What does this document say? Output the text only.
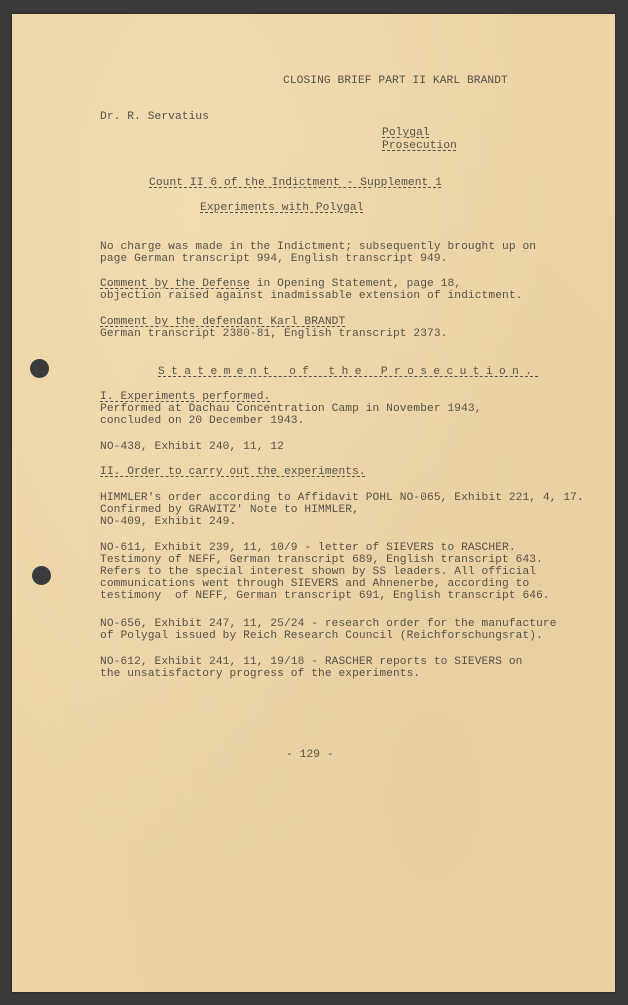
CLOSING BRIEF PART II KARL BRANDT
Dr. R. Servatius
Polygal
Prosecution
Count II 6 of the Indictment - Supplement 1
Experiments with Polygal
No charge was made in the Indictment; subsequently brought up on
page German transcript 994, English transcript 949.
Comment by the Defense in Opening Statement, page 18,
objection raised against inadmissable extension of indictment.
Comment by the defendant Karl BRANDT
German transcript 2380-81, English transcript 2373.
Statement of the Prosecution.
I. Experiments performed.
Performed at Dachau Concentration Camp in November 1943,
concluded on 20 December 1943.
NO-438, Exhibit 240, 11, 12
II. Order to carry out the experiments.
HIMMLER's order according to Affidavit POHL NO-065, Exhibit 221, 4, 17.
Confirmed by GRAWITZ' Note to HIMMLER,
NO-409, Exhibit 249.
NO-611, Exhibit 239, 11, 10/9 - letter of SIEVERS to RASCHER.
Testimony of NEFF, German transcript 689, English transcript 643.
Refers to the special interest shown by SS leaders. All official
communications went through SIEVERS and Ahnenerbe, according to
testimony  of NEFF, German transcript 691, English transcript 646.
NO-656, Exhibit 247, 11, 25/24 - research order for the manufacture
of Polygal issued by Reich Research Council (Reichforschungsrat).
NO-612, Exhibit 241, 11, 19/18 - RASCHER reports to SIEVERS on
the unsatisfactory progress of the experiments.
- 129 -
